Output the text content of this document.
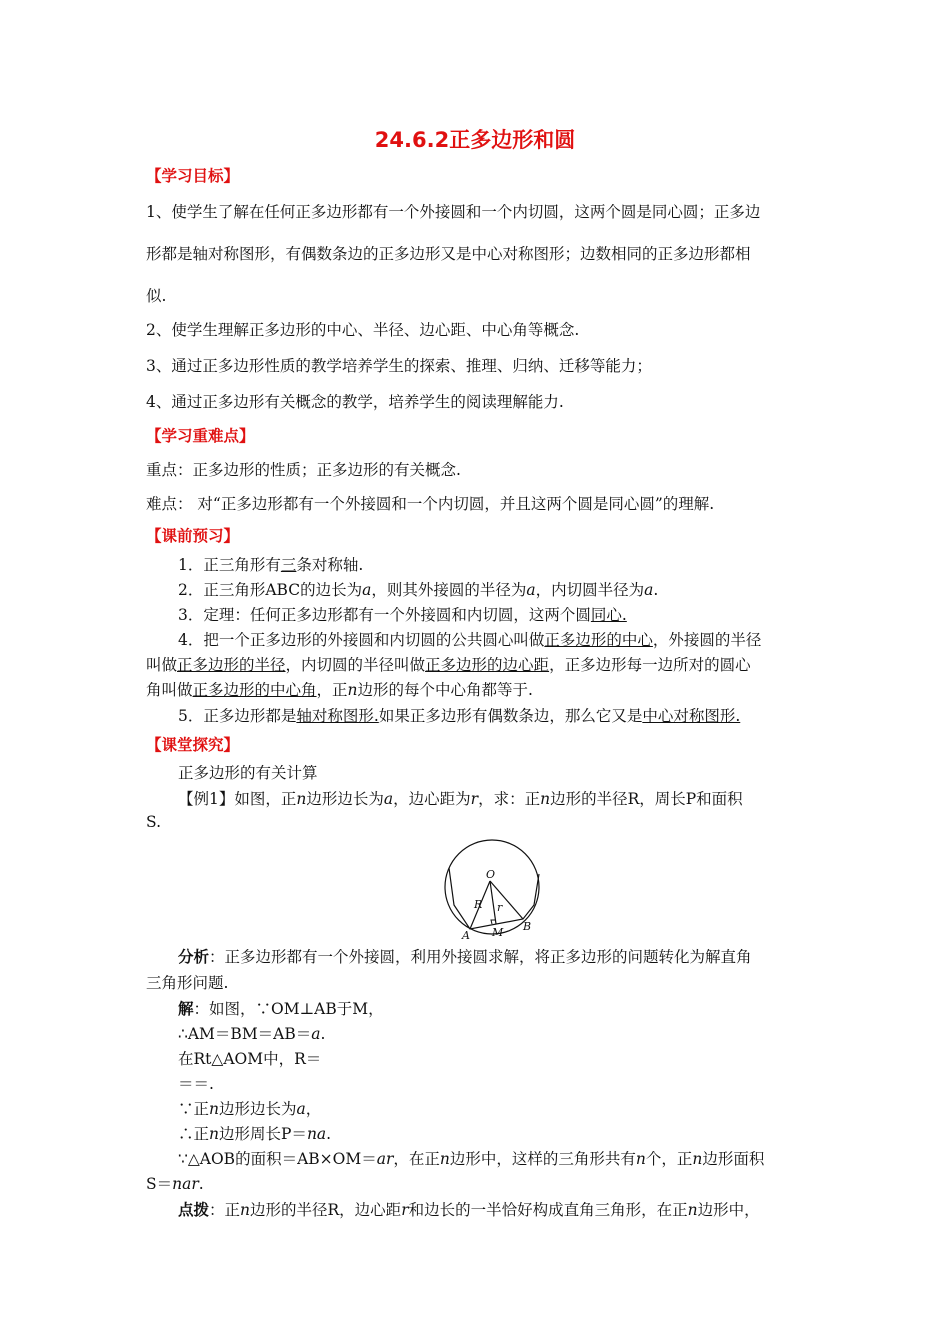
24.6.2正多边形和圆
【学习目标】
1、使学生了解在任何正多边形都有一个外接圆和一个内切圆，这两个圆是同心圆；正多边
形都是轴对称图形，有偶数条边的正多边形又是中心对称图形；边数相同的正多边形都相
似.
2、使学生理解正多边形的中心、半径、边心距、中心角等概念.
3、通过正多边形性质的教学培养学生的探索、推理、归纳、迁移等能力；
4、通过正多边形有关概念的教学，培养学生的阅读理解能力.
【学习重难点】
重点：正多边形的性质；正多边形的有关概念.
难点： 对“正多边形都有一个外接圆和一个内切圆，并且这两个圆是同心圆”的理解.
【课前预习】
1．正三角形有三条对称轴.
2．正三角形ABC的边长为a，则其外接圆的半径为a，内切圆半径为a.
3．定理：任何正多边形都有一个外接圆和内切圆，这两个圆同心.
4．把一个正多边形的外接圆和内切圆的公共圆心叫做正多边形的中心，外接圆的半径
叫做正多边形的半径，内切圆的半径叫做正多边形的边心距，正多边形每一边所对的圆心
角叫做正多边形的中心角，正n边形的每个中心角都等于.
5．正多边形都是轴对称图形.如果正多边形有偶数条边，那么它又是中心对称图形.
【课堂探究】
正多边形的有关计算
【例1】如图，正n边形边长为a，边心距为r，求：正n边形的半径R，周长P和面积
S.
O
R r
A M B
分析：正多边形都有一个外接圆，利用外接圆求解，将正多边形的问题转化为解直角
三角形问题.
解：如图，∵OM⊥AB于M，
∴AM＝BM＝AB＝a.
在Rt△AOM中，R＝
＝＝.
∵正n边形边长为a，
∴正n边形周长P＝na.
∵△AOB的面积＝AB×OM＝ar，在正n边形中，这样的三角形共有n个，正n边形面积
S＝nar.
点拨：正n边形的半径R，边心距r和边长的一半恰好构成直角三角形，在正n边形中，
